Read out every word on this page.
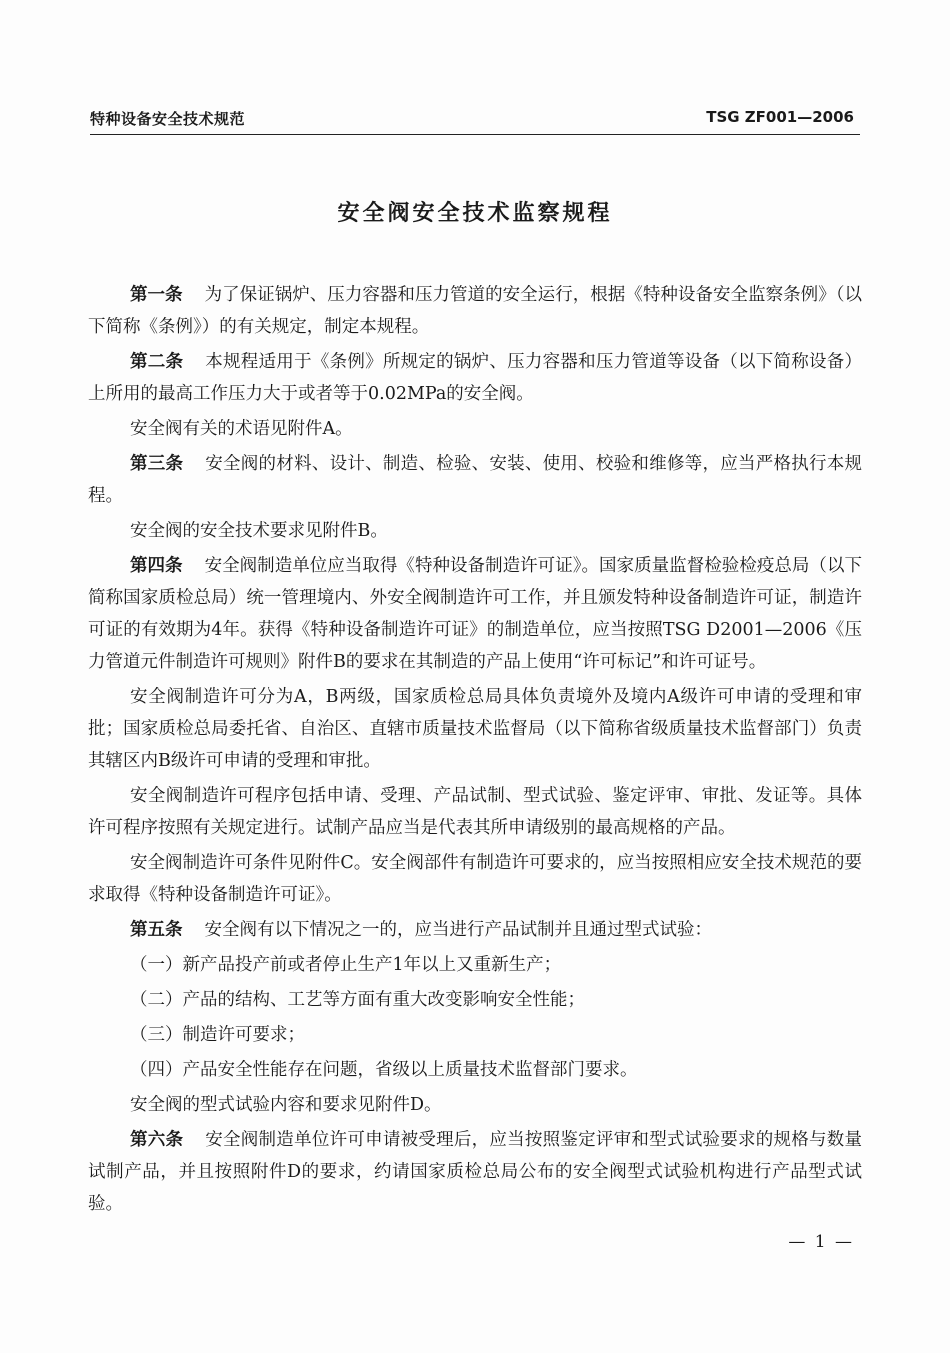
特种设备安全技术规范	TSG ZF001—2006
安全阀安全技术监察规程

第一条 为了保证锅炉、压力容器和压力管道的安全运行，根据《特种设备安全监察条例》（以下简称《条例》）的有关规定，制定本规程。

第二条 本规程适用于《条例》所规定的锅炉、压力容器和压力管道等设备（以下简称设备）上所用的最高工作压力大于或者等于0.02MPa的安全阀。

安全阀有关的术语见附件A。

第三条 安全阀的材料、设计、制造、检验、安装、使用、校验和维修等，应当严格执行本规程。

安全阀的安全技术要求见附件B。

第四条 安全阀制造单位应当取得《特种设备制造许可证》。国家质量监督检验检疫总局（以下简称国家质检总局）统一管理境内、外安全阀制造许可工作，并且颁发特种设备制造许可证，制造许可证的有效期为4年。获得《特种设备制造许可证》的制造单位，应当按照TSG D2001—2006《压力管道元件制造许可规则》附件B的要求在其制造的产品上使用“许可标记”和许可证号。

安全阀制造许可分为A，B两级，国家质检总局具体负责境外及境内A级许可申请的受理和审批；国家质检总局委托省、自治区、直辖市质量技术监督局（以下简称省级质量技术监督部门）负责其辖区内B级许可申请的受理和审批。

安全阀制造许可程序包括申请、受理、产品试制、型式试验、鉴定评审、审批、发证等。具体许可程序按照有关规定进行。试制产品应当是代表其所申请级别的最高规格的产品。

安全阀制造许可条件见附件C。安全阀部件有制造许可要求的，应当按照相应安全技术规范的要求取得《特种设备制造许可证》。

第五条 安全阀有以下情况之一的，应当进行产品试制并且通过型式试验：

（一）新产品投产前或者停止生产1年以上又重新生产；

（二）产品的结构、工艺等方面有重大改变影响安全性能；

（三）制造许可要求；

（四）产品安全性能存在问题，省级以上质量技术监督部门要求。

安全阀的型式试验内容和要求见附件D。

第六条 安全阀制造单位许可申请被受理后，应当按照鉴定评审和型式试验要求的规格与数量试制产品，并且按照附件D的要求，约请国家质检总局公布的安全阀型式试验机构进行产品型式试验。

— 1 —
